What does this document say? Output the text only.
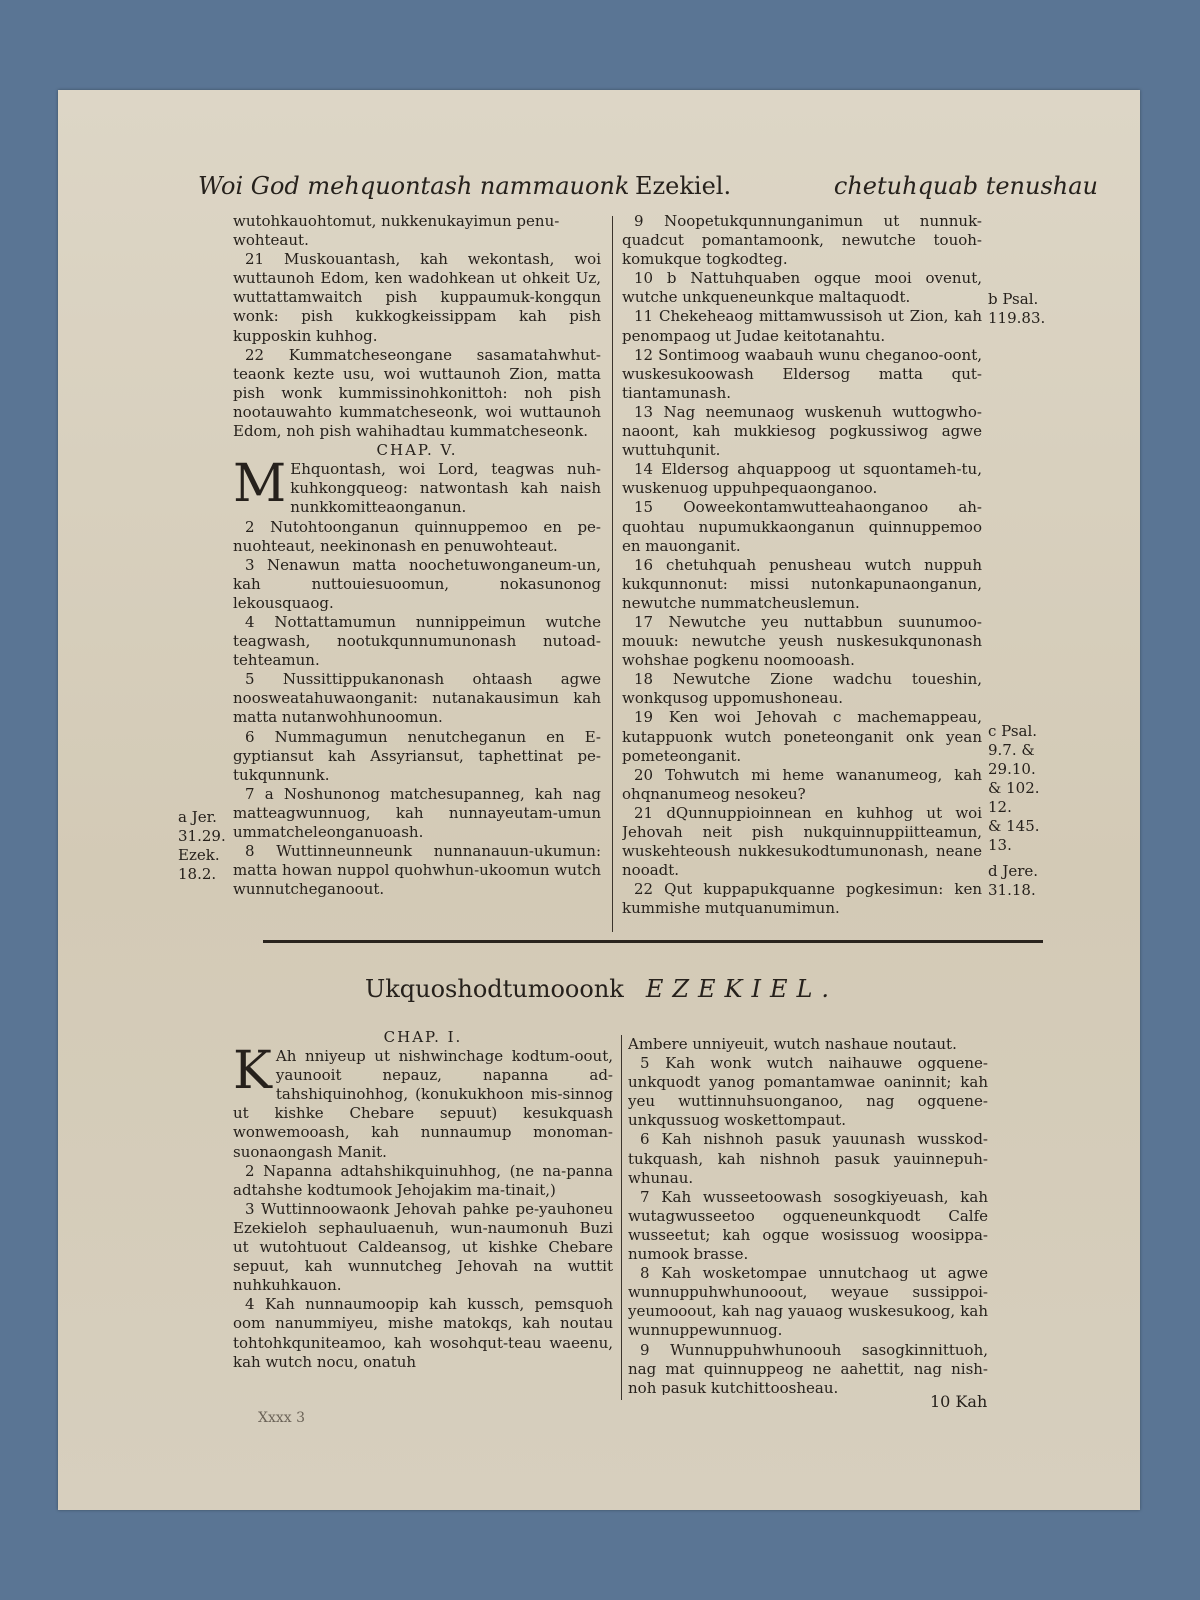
Woi God mehquontash nammauonk Ezekiel.	chetuhquab tenushau

wutohkauohtomut, nukkenukayimun penu-

wohteaut.

21 Muskouantash, kah wekontash, woi wuttaunoh Edom, ken wadohkean ut ohkeit Uz, wuttattamwaitch pish kuppaumuk-kongqun wonk: pish kukkogkeissippam kah pish kupposkin kuhhog.

22 Kummatcheseongane sasamatahwhut-teaonk kezte usu, woi wuttaunoh Zion, matta pish wonk kummissinohkonittoh: noh pish nootauwahto kummatcheseonk, woi wuttaunoh Edom, noh pish wahihadtau kummatcheseonk.

CHAP. V.

M Ehquontash, woi Lord, teagwas nuh-kuhkongqueog: natwontash kah naish nunkkomitteaonganun.

2 Nutohtoonganun quinnuppemoo en pe-nuohteaut, neekinonash en penuwohteaut.

3 Nenawun matta noochetuwonganeum-un, kah nuttouiesuoomun, nokasunonog lekousquaog.

4 Nottattamumun nunnippeimun wutche teagwash, nootukqunnumunonash nutoad-tehteamun.

5 Nussittippukanonash ohtaash agwe noosweatahuwaonganit: nutanakausimun kah matta nutanwohhunoomun.

6 Nummagumun nenutcheganun en E-gyptiansut kah Assyriansut, taphettinat pe-tukqunnunk.

7 a Noshunonog matchesupanneg, kah nag matteagwunnuog, kah nunnayeutam-umun ummatcheleonganuoash.

8 Wuttinneunneunk nunnanauun-ukumun: matta howan nuppol quohwhun-ukoomun wutch wunnutcheganoout.

9 Noopetukqunnunganimun ut nunnuk-quadcut pomantamoonk, newutche touoh-komukque togkodteg.

10 b Nattuhquaben ogque mooi ovenut, wutche unkqueneunkque maltaquodt.

11 Chekeheaog mittamwussisoh ut Zion, kah penompaog ut Judae keitotanahtu.

12 Sontimoog waabauh wunu cheganoo-oont, wuskesukoowash Eldersog matta qut-tiantamunash.

13 Nag neemunaog wuskenuh wuttogwho-naoont, kah mukkiesog pogkussiwog agwe wuttuhqunit.

14 Eldersog ahquappoog ut squontameh-tu, wuskenuog uppuhpequaonganoo.

15 Ooweekontamwutteahaonganoo ah-quohtau nupumukkaonganun quinnuppemoo en mauonganit.

16 chetuhquah penusheau wutch nuppuh kukqunnonut: missi nutonkapunaonganun, newutche nummatcheuslemun.

17 Newutche yeu nuttabbun suunumoo-mouuk: newutche yeush nuskesukqunonash wohshae pogkenu noomooash.

18 Newutche Zione wadchu toueshin, wonkqusog uppomushoneau.

19 Ken woi Jehovah c machemappeau, kutappuonk wutch poneteonganit onk yean pometeonganit.

20 Tohwutch mi heme wananumeog, kah ohqnanumeog nesokeu?

21 dQunnuppioinnean en kuhhog ut woi Jehovah neit pish nukquinnuppiitteamun, wuskehteoush nukkesukodtumunonash, neane nooadt.

22 Qut kuppapukquanne pogkesimun: ken kummishe mutquanumimun.

a Jer.
31.29.
Ezek.
18.2.
b Psal.
119.83.
c Psal.
9.7. &
29.10.
& 102.
12.
& 145.
13.
d Jere.
31.18.
Ukquoshodtumooonk EZEKIEL.

CHAP. I.

K Ah nniyeup ut nishwinchage kodtum-oout, yaunooit nepauz, napanna ad-tahshiquinohhog, (konukukhoon mis-sinnog ut kishke Chebare sepuut) kesukquash wonwemooash, kah nunnaumup monoman-suonaongash Manit.

2 Napanna adtahshikquinuhhog, (ne na-panna adtahshe kodtumook Jehojakim ma-tinait,)

3 Wuttinnoowaonk Jehovah pahke pe-yauhoneu Ezekieloh sephauluaenuh, wun-naumonuh Buzi ut wutohtuout Caldeansog, ut kishke Chebare sepuut, kah wunnutcheg Jehovah na wuttit nuhkuhkauon.

4 Kah nunnaumoopip kah kussch, pemsquoh oom nanummiyeu, mishe matokqs, kah noutau tohtohkquniteamoo, kah wosohqut-teau waeenu, kah wutch nocu, onatuh

Ambere unniyeuit, wutch nashaue noutaut.

5 Kah wonk wutch naihauwe ogquene-unkquodt yanog pomantamwae oaninnit; kah yeu wuttinnuhsuonganoo, nag ogquene-unkqussuog woskettompaut.

6 Kah nishnoh pasuk yauunash wusskod-tukquash, kah nishnoh pasuk yauinnepuh-whunau.

7 Kah wusseetoowash sosogkiyeuash, kah wutagwusseetoo ogqueneunkquodt Calfe wusseetut; kah ogque wosissuog woosippa-numook brasse.

8 Kah wosketompae unnutchaog ut agwe wunnuppuhwhunooout, weyaue sussippoi-yeumooout, kah nag yauaog wuskesukoog, kah wunnuppewunnuog.

9 Wunnuppuhwhunoouh sasogkinnittuoh, nag mat quinnuppeog ne aahettit, nag nish-noh pasuk kutchittoosheau.

Xxxx 3
10 Kah
